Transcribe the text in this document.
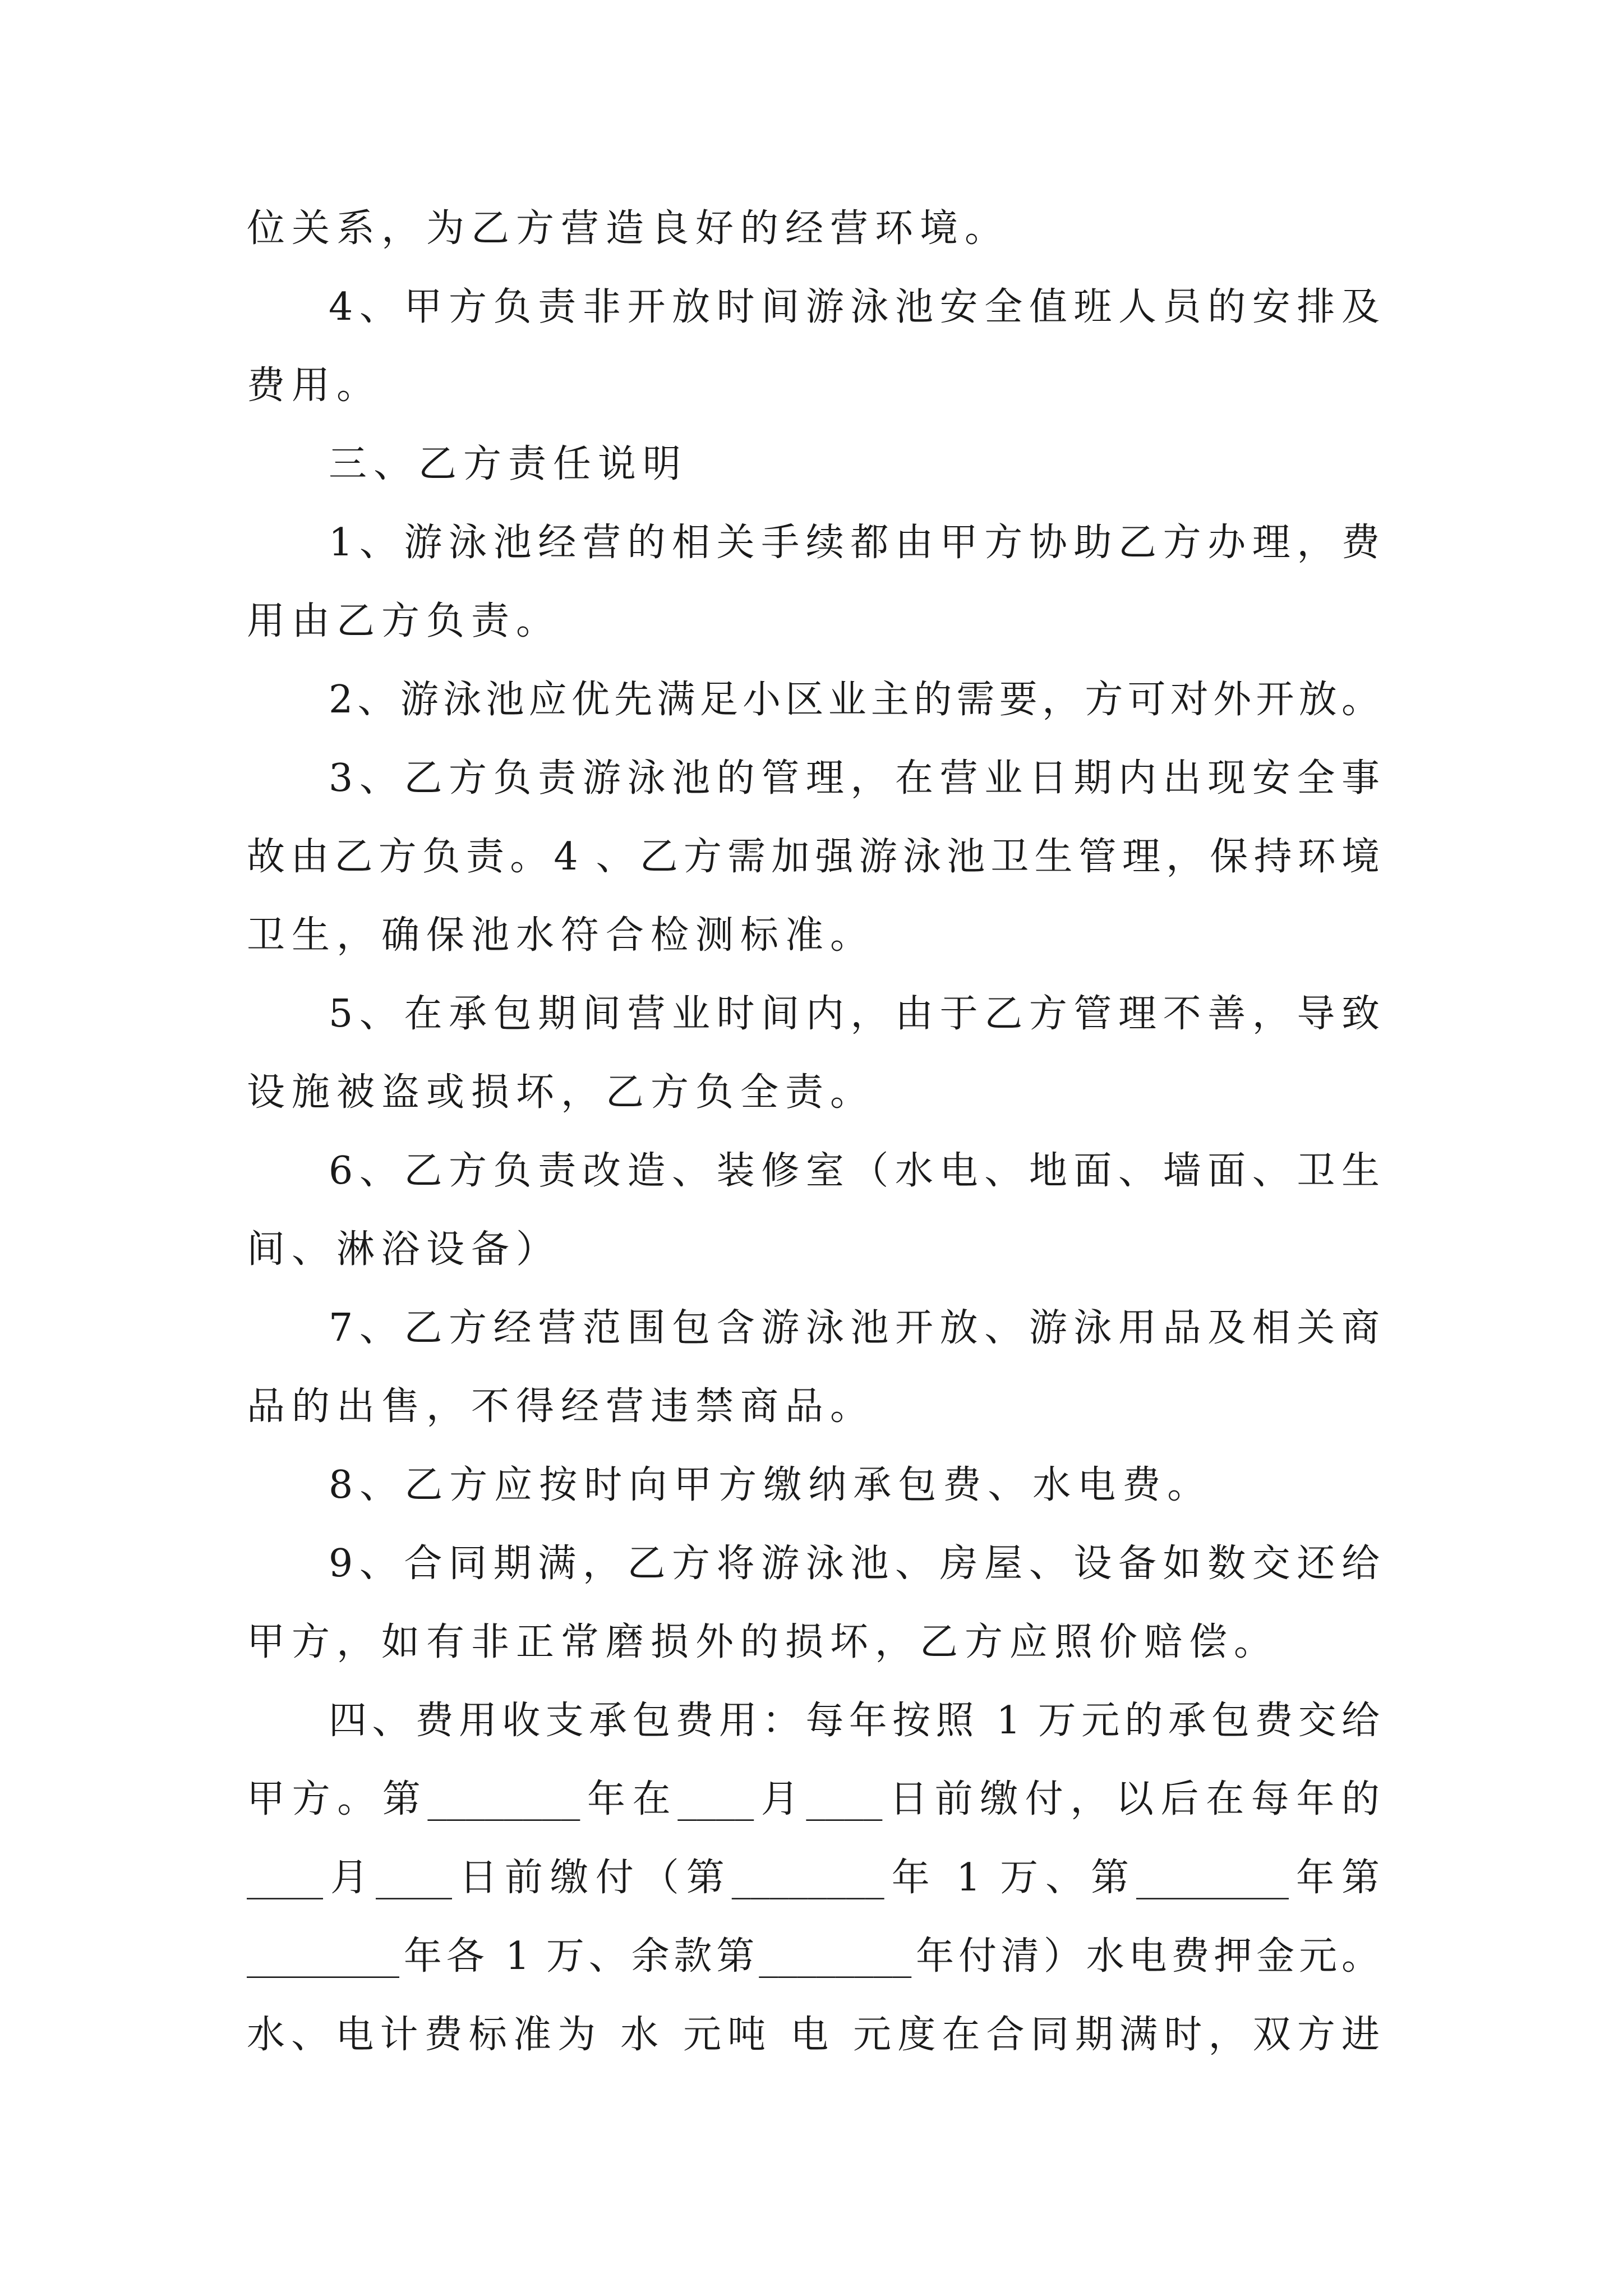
位关系，为乙方营造良好的经营环境。
4、甲方负责非开放时间游泳池安全值班人员的安排及
费用。
三、乙方责任说明
1、游泳池经营的相关手续都由甲方协助乙方办理，费
用由乙方负责。
2、游泳池应优先满足小区业主的需要，方可对外开放。
3、乙方负责游泳池的管理，在营业日期内出现安全事
故由乙方负责。4 、乙方需加强游泳池卫生管理，保持环境
卫生，确保池水符合检测标准。
5、在承包期间营业时间内，由于乙方管理不善，导致
设施被盗或损坏，乙方负全责。
6、乙方负责改造、装修室（水电、地面、墙面、卫生
间、淋浴设备）
7、乙方经营范围包含游泳池开放、游泳用品及相关商
品的出售，不得经营违禁商品。
8、乙方应按时向甲方缴纳承包费、水电费。
9、合同期满，乙方将游泳池、房屋、设备如数交还给
甲方，如有非正常磨损外的损坏，乙方应照价赔偿。
四、费用收支承包费用：每年按照 1 万元的承包费交给
甲方。第________年在____月____日前缴付，以后在每年的
____月____日前缴付（第________年 1 万、第________年第
________年各 1 万、余款第________年付清）水电费押金元。
水、电计费标准为 水 元吨 电 元度在合同期满时，双方进
